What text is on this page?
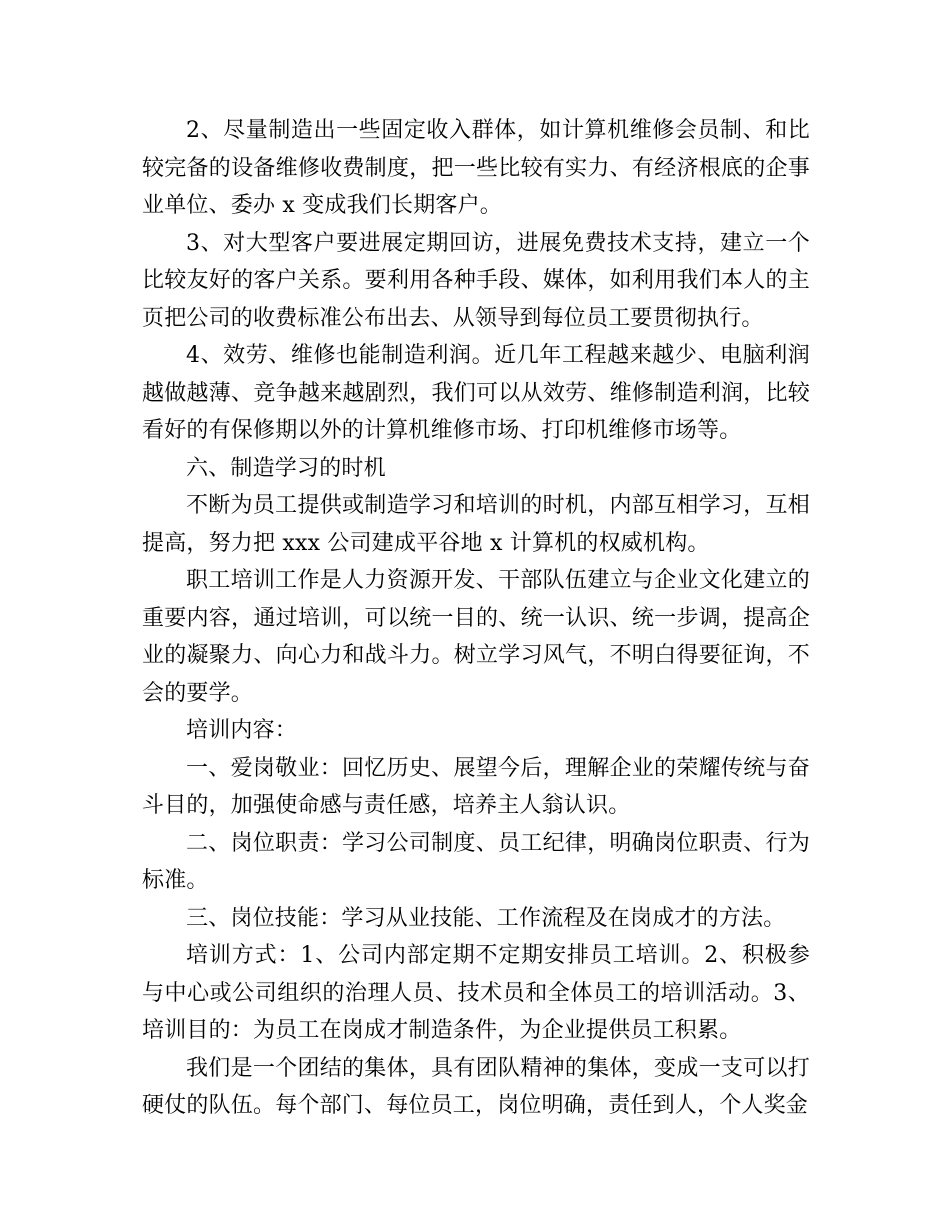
2、尽量制造出一些固定收入群体，如计算机维修会员制、和比较完备的设备维修收费制度，把一些比较有实力、有经济根底的企事业单位、委办 x 变成我们长期客户。

3、对大型客户要进展定期回访，进展免费技术支持，建立一个比较友好的客户关系。要利用各种手段、媒体，如利用我们本人的主页把公司的收费标准公布出去、从领导到每位员工要贯彻执行。

4、效劳、维修也能制造利润。近几年工程越来越少、电脑利润越做越薄、竞争越来越剧烈，我们可以从效劳、维修制造利润，比较看好的有保修期以外的计算机维修市场、打印机维修市场等。

六、制造学习的时机

不断为员工提供或制造学习和培训的时机，内部互相学习，互相提高，努力把 xxx 公司建成平谷地 x 计算机的权威机构。

职工培训工作是人力资源开发、干部队伍建立与企业文化建立的重要内容，通过培训，可以统一目的、统一认识、统一步调，提高企业的凝聚力、向心力和战斗力。树立学习风气，不明白得要征询，不会的要学。

培训内容：

一、爱岗敬业：回忆历史、展望今后，理解企业的荣耀传统与奋斗目的，加强使命感与责任感，培养主人翁认识。

二、岗位职责：学习公司制度、员工纪律，明确岗位职责、行为标准。

三、岗位技能：学习从业技能、工作流程及在岗成才的方法。

培训方式：1、公司内部定期不定期安排员工培训。2、积极参与中心或公司组织的治理人员、技术员和全体员工的培训活动。3、培训目的：为员工在岗成才制造条件，为企业提供员工积累。

我们是一个团结的集体，具有团队精神的集体，变成一支可以打硬仗的队伍。每个部门、每位员工，岗位明确，责任到人，个人奖金
